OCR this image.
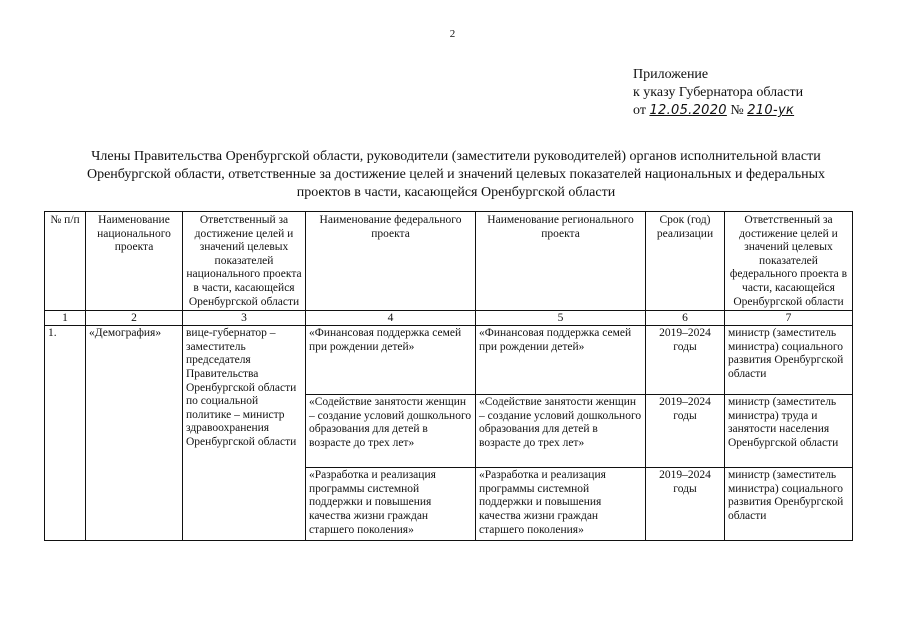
2
Приложение
к указу Губернатора области
от 12.05.2020 № 210-ук
Члены Правительства Оренбургской области, руководители (заместители руководителей) органов исполнительной власти Оренбургской области, ответственные за достижение целей и значений целевых показателей национальных и федеральных проектов в части, касающейся Оренбургской области
№ п/п	Наименование национального проекта	Ответственный за достижение целей и значений целевых показателей национального проекта в части, касающейся Оренбургской области	Наименование федерального проекта	Наименование регионального проекта	Срок (год) реализации	Ответственный за достижение целей и значений целевых показателей федерального проекта в части, касающейся Оренбургской области
1	2	3	4	5	6	7
1.	«Демография»	вице-губернатор – заместитель председателя Правительства Оренбургской области по социальной политике – министр здравоохранения Оренбургской области	«Финансовая поддержка семей при рождении детей»	«Финансовая поддержка семей при рождении детей»	2019–2024 годы	министр (заместитель министра) социального развития Оренбургской области
			«Содействие занятости женщин – создание условий дошкольного образования для детей в возрасте до трех лет»	«Содействие занятости женщин – создание условий дошкольного образования для детей в возрасте до трех лет»	2019–2024 годы	министр (заместитель министра) труда и занятости населения Оренбургской области
			«Разработка и реализация программы системной поддержки и повышения качества жизни граждан старшего поколения»	«Разработка и реализация программы системной поддержки и повышения качества жизни граждан старшего поколения»	2019–2024 годы	министр (заместитель министра) социального развития Оренбургской области
